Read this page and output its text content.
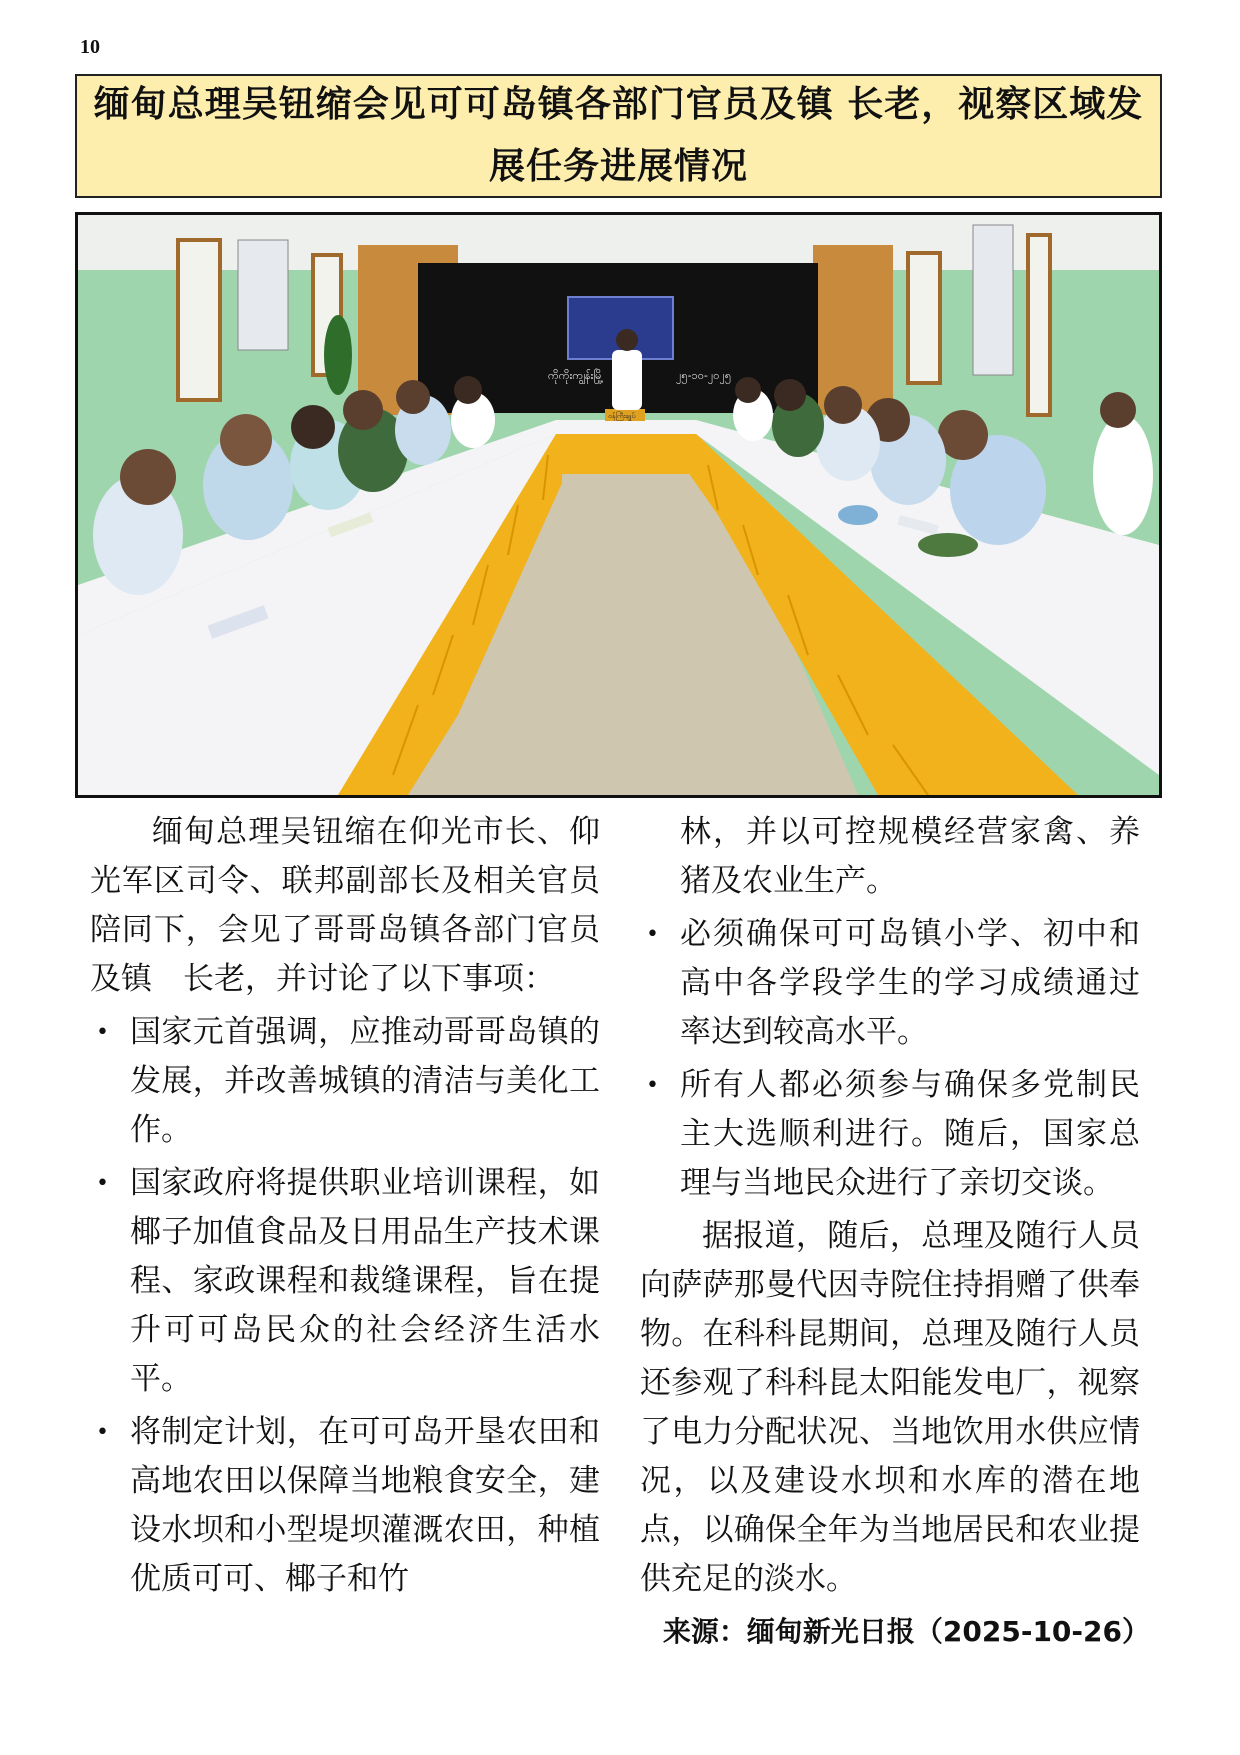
10
缅甸总理吴钮缩会见可可岛镇各部门官员及镇 长老，视察区域发展任务进展情况
ကိုကိုးကျွန်းမြို့	၂၅-၁၀-၂၀၂၅
ဝန်ကြီးချုပ်

缅甸总理吴钮缩在仰光市长、仰光军区司令、联邦副部长及相关官员陪同下，会见了哥哥岛镇各部门官员及镇　长老，并讨论了以下事项：

• 国家元首强调，应推动哥哥岛镇的发展，并改善城镇的清洁与美化工作。
• 国家政府将提供职业培训课程，如椰子加值食品及日用品生产技术课程、家政课程和裁缝课程，旨在提升可可岛民众的社会经济生活水平。
• 将制定计划，在可可岛开垦农田和高地农田以保障当地粮食安全，建设水坝和小型堤坝灌溉农田，种植优质可可、椰子和竹

林，并以可控规模经营家禽、养猪及农业生产。

• 必须确保可可岛镇小学、初中和高中各学段学生的学习成绩通过率达到较高水平。
• 所有人都必须参与确保多党制民主大选顺利进行。随后，国家总理与当地民众进行了亲切交谈。

据报道，随后，总理及随行人员向萨萨那曼代因寺院住持捐赠了供奉物。在科科昆期间，总理及随行人员还参观了科科昆太阳能发电厂，视察了电力分配状况、当地饮用水供应情况，以及建设水坝和水库的潜在地点，以确保全年为当地居民和农业提供充足的淡水。

来源：缅甸新光日报（2025-10-26）
